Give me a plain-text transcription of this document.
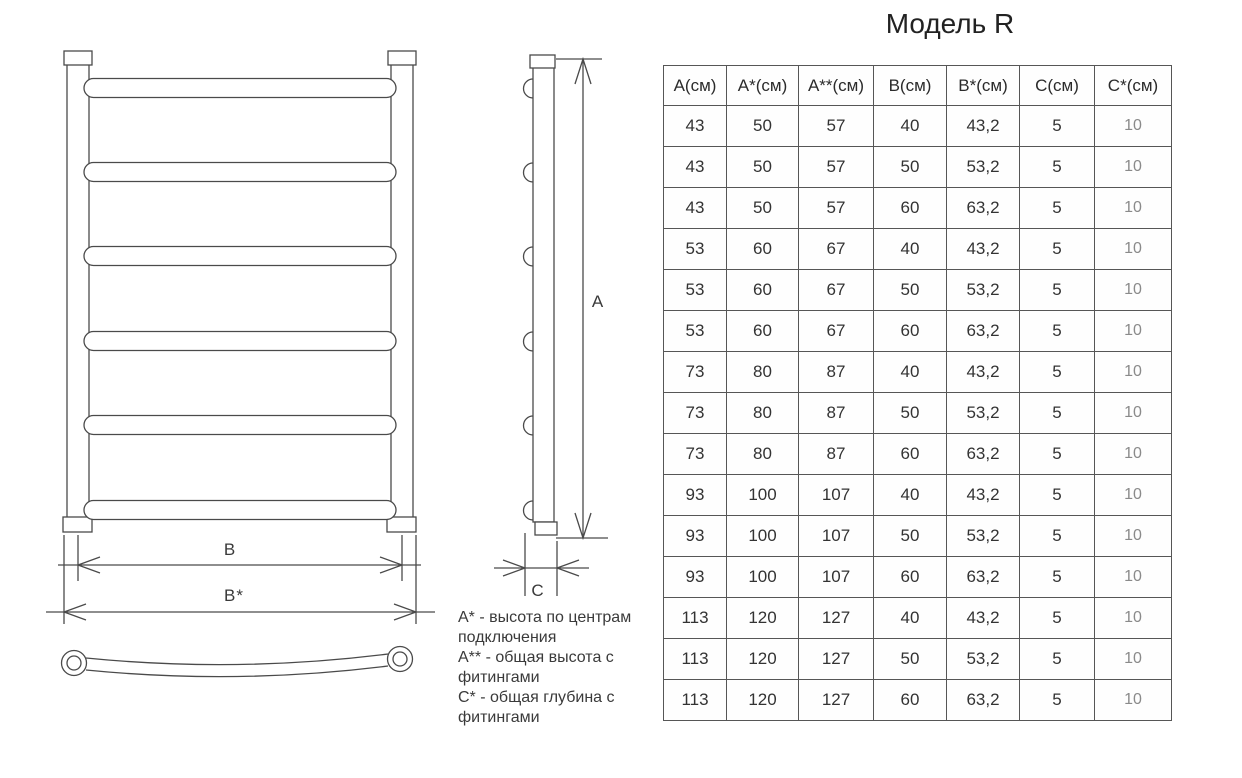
B
B*
A
C

А* - высота по центрам подключения

А** - общая высота с фитингами

С* - общая глубина с фитингами

Модель R
А(см)	А*(см)	А**(см)	В(см)	В*(см)	С(см)	С*(см)
43	50	57	40	43,2	5	10
43	50	57	50	53,2	5	10
43	50	57	60	63,2	5	10
53	60	67	40	43,2	5	10
53	60	67	50	53,2	5	10
53	60	67	60	63,2	5	10
73	80	87	40	43,2	5	10
73	80	87	50	53,2	5	10
73	80	87	60	63,2	5	10
93	100	107	40	43,2	5	10
93	100	107	50	53,2	5	10
93	100	107	60	63,2	5	10
113	120	127	40	43,2	5	10
113	120	127	50	53,2	5	10
113	120	127	60	63,2	5	10
